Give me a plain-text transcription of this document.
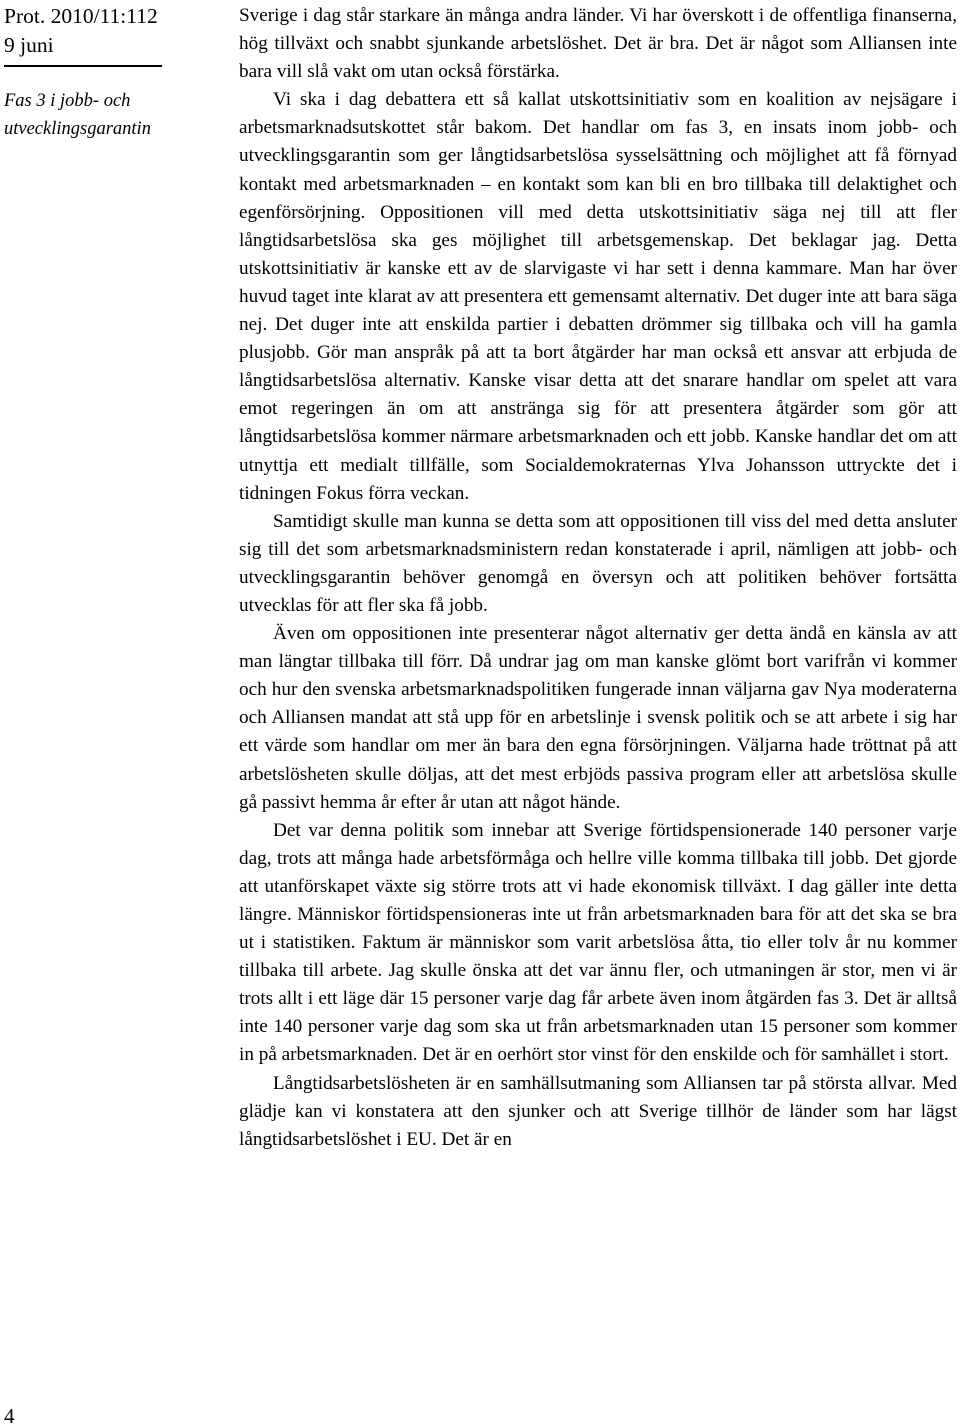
Prot. 2010/11:112

9 juni

Fas 3 i jobb- och utvecklingsgarantin

4

Sverige i dag står starkare än många andra länder. Vi har överskott i de offentliga finanserna, hög tillväxt och snabbt sjunkande arbetslöshet. Det är bra. Det är något som Alliansen inte bara vill slå vakt om utan också förstärka.

Vi ska i dag debattera ett så kallat utskottsinitiativ som en koalition av nejsägare i arbetsmarknadsutskottet står bakom. Det handlar om fas 3, en insats inom jobb- och utvecklingsgarantin som ger långtidsarbetslösa sysselsättning och möjlighet att få förnyad kontakt med arbetsmarknaden – en kontakt som kan bli en bro tillbaka till delaktighet och egenförsörjning. Oppositionen vill med detta utskottsinitiativ säga nej till att fler långtidsarbetslösa ska ges möjlighet till arbetsgemenskap. Det beklagar jag. Detta utskottsinitiativ är kanske ett av de slarvigaste vi har sett i denna kammare. Man har över huvud taget inte klarat av att presentera ett gemensamt alternativ. Det duger inte att bara säga nej. Det duger inte att enskilda partier i debatten drömmer sig tillbaka och vill ha gamla plusjobb. Gör man anspråk på att ta bort åtgärder har man också ett ansvar att erbjuda de långtidsarbetslösa alternativ. Kanske visar detta att det snarare handlar om spelet att vara emot regeringen än om att anstränga sig för att presentera åtgärder som gör att långtidsarbetslösa kommer närmare arbetsmarknaden och ett jobb. Kanske handlar det om att utnyttja ett medialt tillfälle, som Socialdemokraternas Ylva Johansson uttryckte det i tidningen Fokus förra veckan.

Samtidigt skulle man kunna se detta som att oppositionen till viss del med detta ansluter sig till det som arbetsmarknadsministern redan konstaterade i april, nämligen att jobb- och utvecklingsgarantin behöver genomgå en översyn och att politiken behöver fortsätta utvecklas för att fler ska få jobb.

Även om oppositionen inte presenterar något alternativ ger detta ändå en känsla av att man längtar tillbaka till förr. Då undrar jag om man kanske glömt bort varifrån vi kommer och hur den svenska arbetsmarknadspolitiken fungerade innan väljarna gav Nya moderaterna och Alliansen mandat att stå upp för en arbetslinje i svensk politik och se att arbete i sig har ett värde som handlar om mer än bara den egna försörjningen. Väljarna hade tröttnat på att arbetslösheten skulle döljas, att det mest erbjöds passiva program eller att arbetslösa skulle gå passivt hemma år efter år utan att något hände.

Det var denna politik som innebar att Sverige förtidspensionerade 140 personer varje dag, trots att många hade arbetsförmåga och hellre ville komma tillbaka till jobb. Det gjorde att utanförskapet växte sig större trots att vi hade ekonomisk tillväxt. I dag gäller inte detta längre. Människor förtidspensioneras inte ut från arbetsmarknaden bara för att det ska se bra ut i statistiken. Faktum är människor som varit arbetslösa åtta, tio eller tolv år nu kommer tillbaka till arbete. Jag skulle önska att det var ännu fler, och utmaningen är stor, men vi är trots allt i ett läge där 15 personer varje dag får arbete även inom åtgärden fas 3. Det är alltså inte 140 personer varje dag som ska ut från arbetsmarknaden utan 15 personer som kommer in på arbetsmarknaden. Det är en oerhört stor vinst för den enskilde och för samhället i stort.

Långtidsarbetslösheten är en samhällsutmaning som Alliansen tar på största allvar. Med glädje kan vi konstatera att den sjunker och att Sverige tillhör de länder som har lägst långtidsarbetslöshet i EU. Det är en
